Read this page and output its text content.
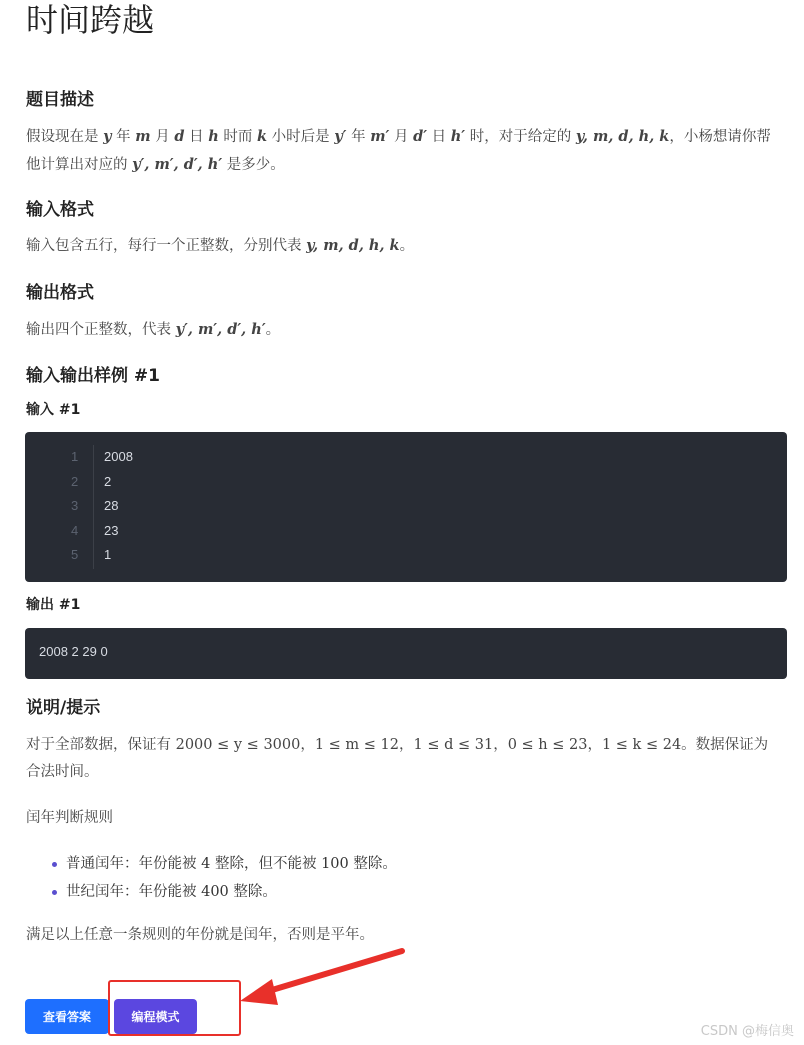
时间跨越
题目描述

假设现在是 y 年 m 月 d 日 h 时而 k 小时后是 y′ 年 m′ 月 d′ 日 h′ 时，对于给定的 y, m, d, h, k，小杨想请你帮他计算出对应的 y′, m′, d′, h′ 是多少。

输入格式

输入包含五行，每行一个正整数，分别代表 y, m, d, h, k。

输出格式

输出四个正整数，代表 y′, m′, d′, h′。

输入输出样例 #1
输入 #1
1 2008
2 2
3 28
4 23
5 1
输出 #1
2008 2 29 0
说明/提示

对于全部数据，保证有 2000 ≤ y ≤ 3000，1 ≤ m ≤ 12，1 ≤ d ≤ 31，0 ≤ h ≤ 23，1 ≤ k ≤ 24。数据保证为合法时间。

闰年判断规则

普通闰年：年份能被 4 整除，但不能被 100 整除。
世纪闰年：年份能被 400 整除。

满足以上任意一条规则的年份就是闰年，否则是平年。

查看答案	编程模式
CSDN @梅信奥
